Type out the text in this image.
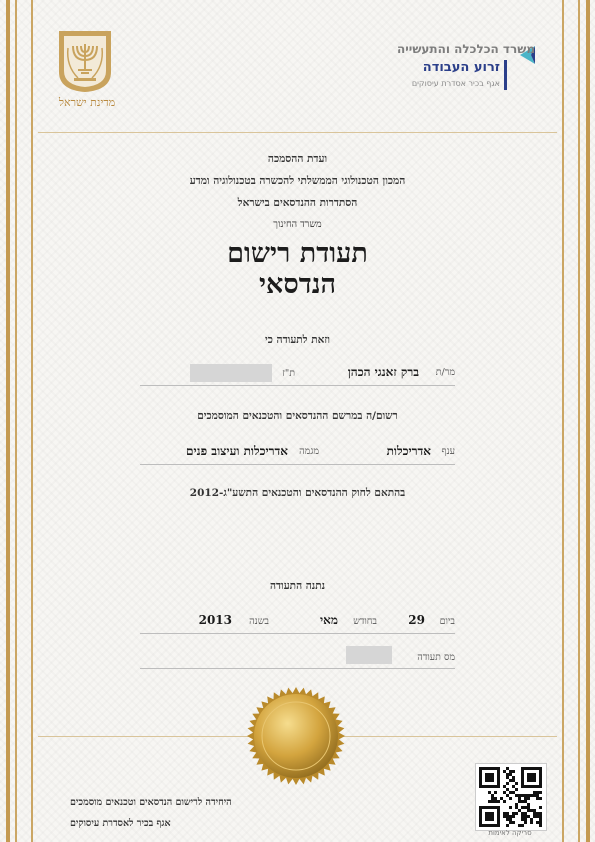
מדינת ישראל
משרד הכלכלה והתעשייה
זרוע העבודה
אגף בכיר אסדרת עיסוקים
ועדת ההסמכה
המכון הטכנולוגי הממשלתי להכשרה בטכנולוגיה ומדע
הסתדרות ההנדסאים בישראל
משרד החינוך
תעודת רישום
הנדסאי
וזאת לתעודה כי
מר/ת
ברק זאנגי הכהן
ת"ז
רשום/ה במרשם ההנדסאים והטכנאים המוסמכים
ענף
אדריכלות
מגמה
אדריכלות ועיצוב פנים
בהתאם לחוק ההנדסאים והטכנאים התשע"ג-2012
נתנה התעודה
ביום
29
בחודש
מאי
בשנה
2013
מס תעודה
סריקה לאימות
היחידה לרישום הנדסאים וטכנאים מוסמכים
אגף בכיר לאסדרת עיסוקים
